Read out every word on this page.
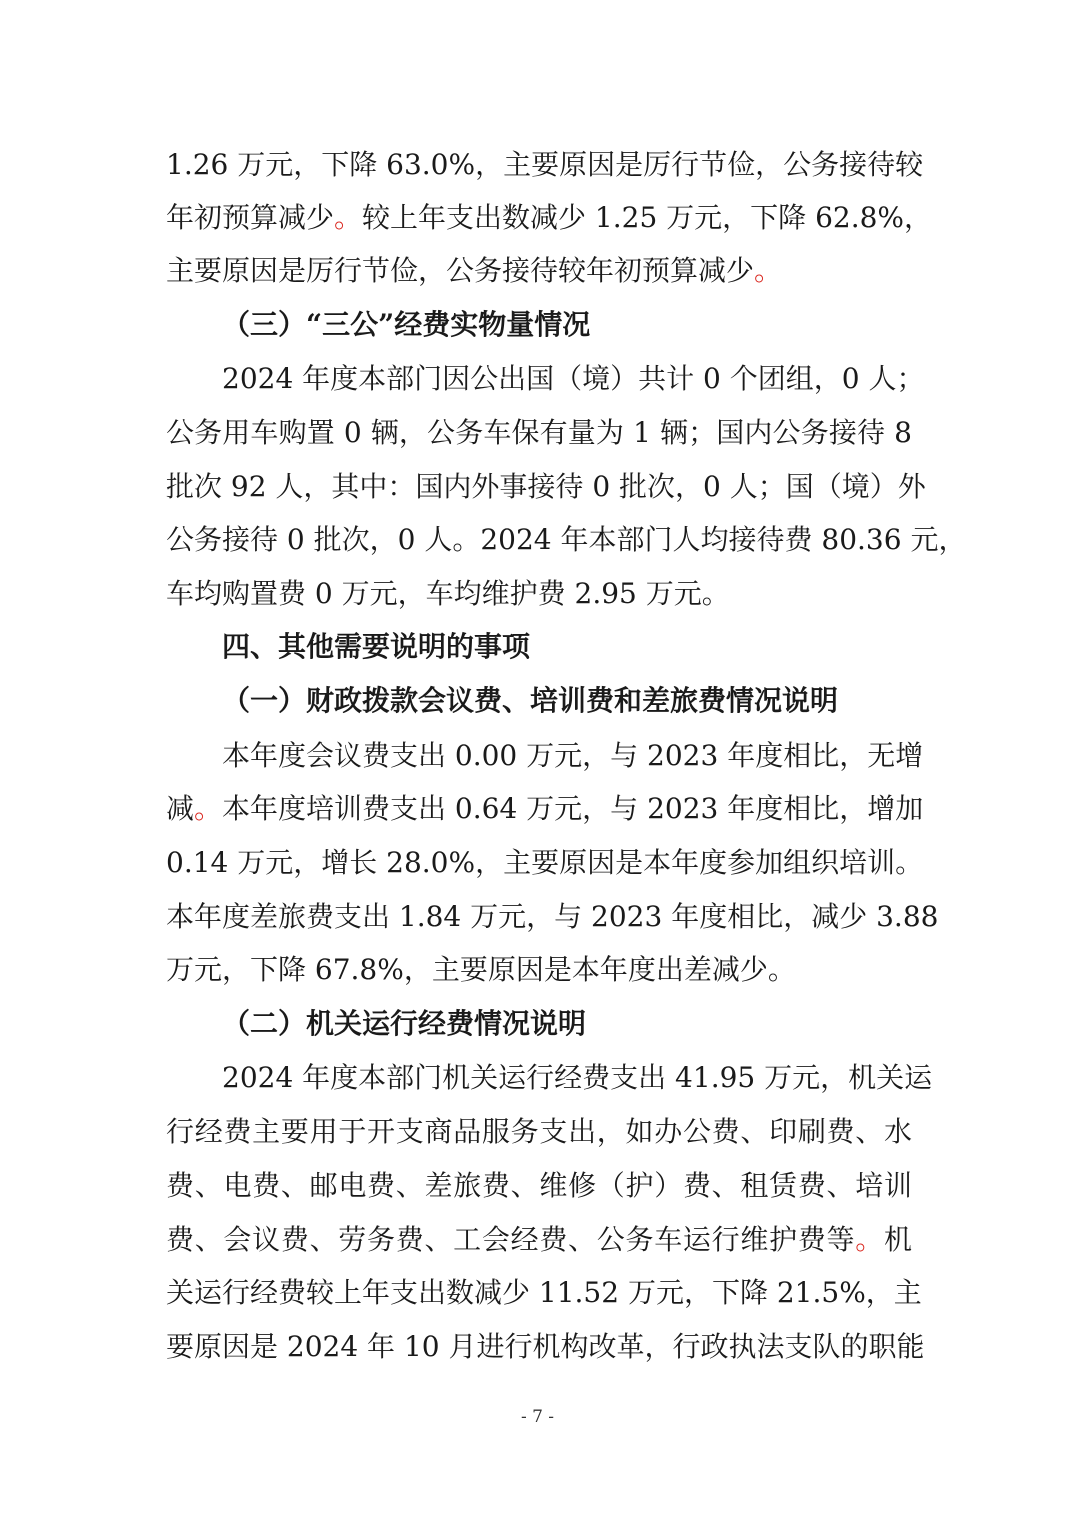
1.26 万元，下降 63.0%，主要原因是厉行节俭，公务接待较
年初预算减少。较上年支出数减少 1.25 万元，下降 62.8%，
主要原因是厉行节俭，公务接待较年初预算减少。
（三）“三公”经费实物量情况
2024 年度本部门因公出国（境）共计 0 个团组，0 人；
公务用车购置 0 辆，公务车保有量为 1 辆；国内公务接待 8
批次 92 人，其中：国内外事接待 0 批次，0 人；国（境）外
公务接待 0 批次，0 人。2024 年本部门人均接待费 80.36 元，
车均购置费 0 万元，车均维护费 2.95 万元。
四、其他需要说明的事项
（一）财政拨款会议费、培训费和差旅费情况说明
本年度会议费支出 0.00 万元，与 2023 年度相比，无增
减。本年度培训费支出 0.64 万元，与 2023 年度相比，增加
0.14 万元，增长 28.0%，主要原因是本年度参加组织培训。
本年度差旅费支出 1.84 万元，与 2023 年度相比，减少 3.88
万元，下降 67.8%，主要原因是本年度出差减少。
（二）机关运行经费情况说明
2024 年度本部门机关运行经费支出 41.95 万元，机关运
行经费主要用于开支商品服务支出，如办公费、印刷费、水
费、电费、邮电费、差旅费、维修（护）费、租赁费、培训
费、会议费、劳务费、工会经费、公务车运行维护费等。机
关运行经费较上年支出数减少 11.52 万元，下降 21.5%，主
要原因是 2024 年 10 月进行机构改革，行政执法支队的职能
- 7 -
